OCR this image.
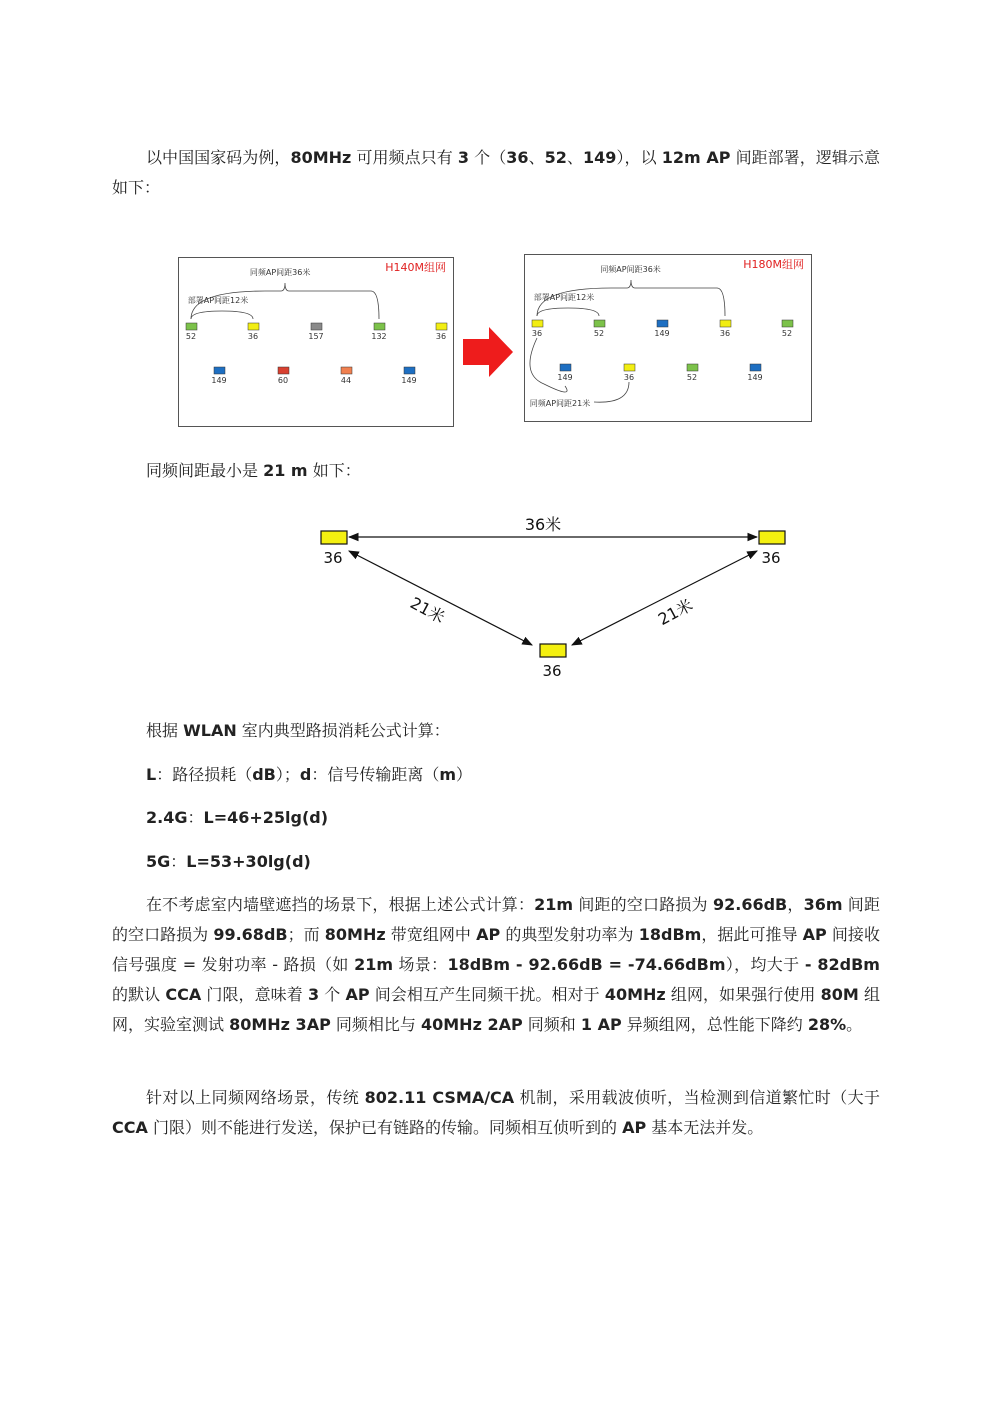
以中国国家码为例，80MHz 可用频点只有 3 个（36、52、149），以 12m AP 间距部署，逻辑示意如下：

H140M组网
同频AP间距36米
部署AP间距12米
52	36	157	132	36
149	60	44	149
H180M组网
同频AP间距36米
部署AP间距12米
36	52	149	36	52
149	36	52	149
同频AP间距21米

同频间距最小是 21 m 如下：

36	36
36
36米
21米	21米

根据 WLAN 室内典型路损消耗公式计算：

L：路径损耗（dB）；d：信号传输距离（m）

2.4G：L=46+25lg(d)

5G：L=53+30lg(d)

在不考虑室内墙壁遮挡的场景下，根据上述公式计算：21m 间距的空口路损为 92.66dB，36m 间距的空口路损为 99.68dB；而 80MHz 带宽组网中 AP 的典型发射功率为 18dBm，据此可推导 AP 间接收信号强度 = 发射功率 - 路损（如 21m 场景：18dBm - 92.66dB = -74.66dBm），均大于 - 82dBm 的默认 CCA 门限，意味着 3 个 AP 间会相互产生同频干扰。相对于 40MHz 组网，如果强行使用 80M 组网，实验室测试 80MHz 3AP 同频相比与 40MHz 2AP 同频和 1 AP 异频组网，总性能下降约 28%。

针对以上同频网络场景，传统 802.11 CSMA/CA 机制，采用载波侦听，当检测到信道繁忙时（大于 CCA 门限）则不能进行发送，保护已有链路的传输。同频相互侦听到的 AP 基本无法并发。
